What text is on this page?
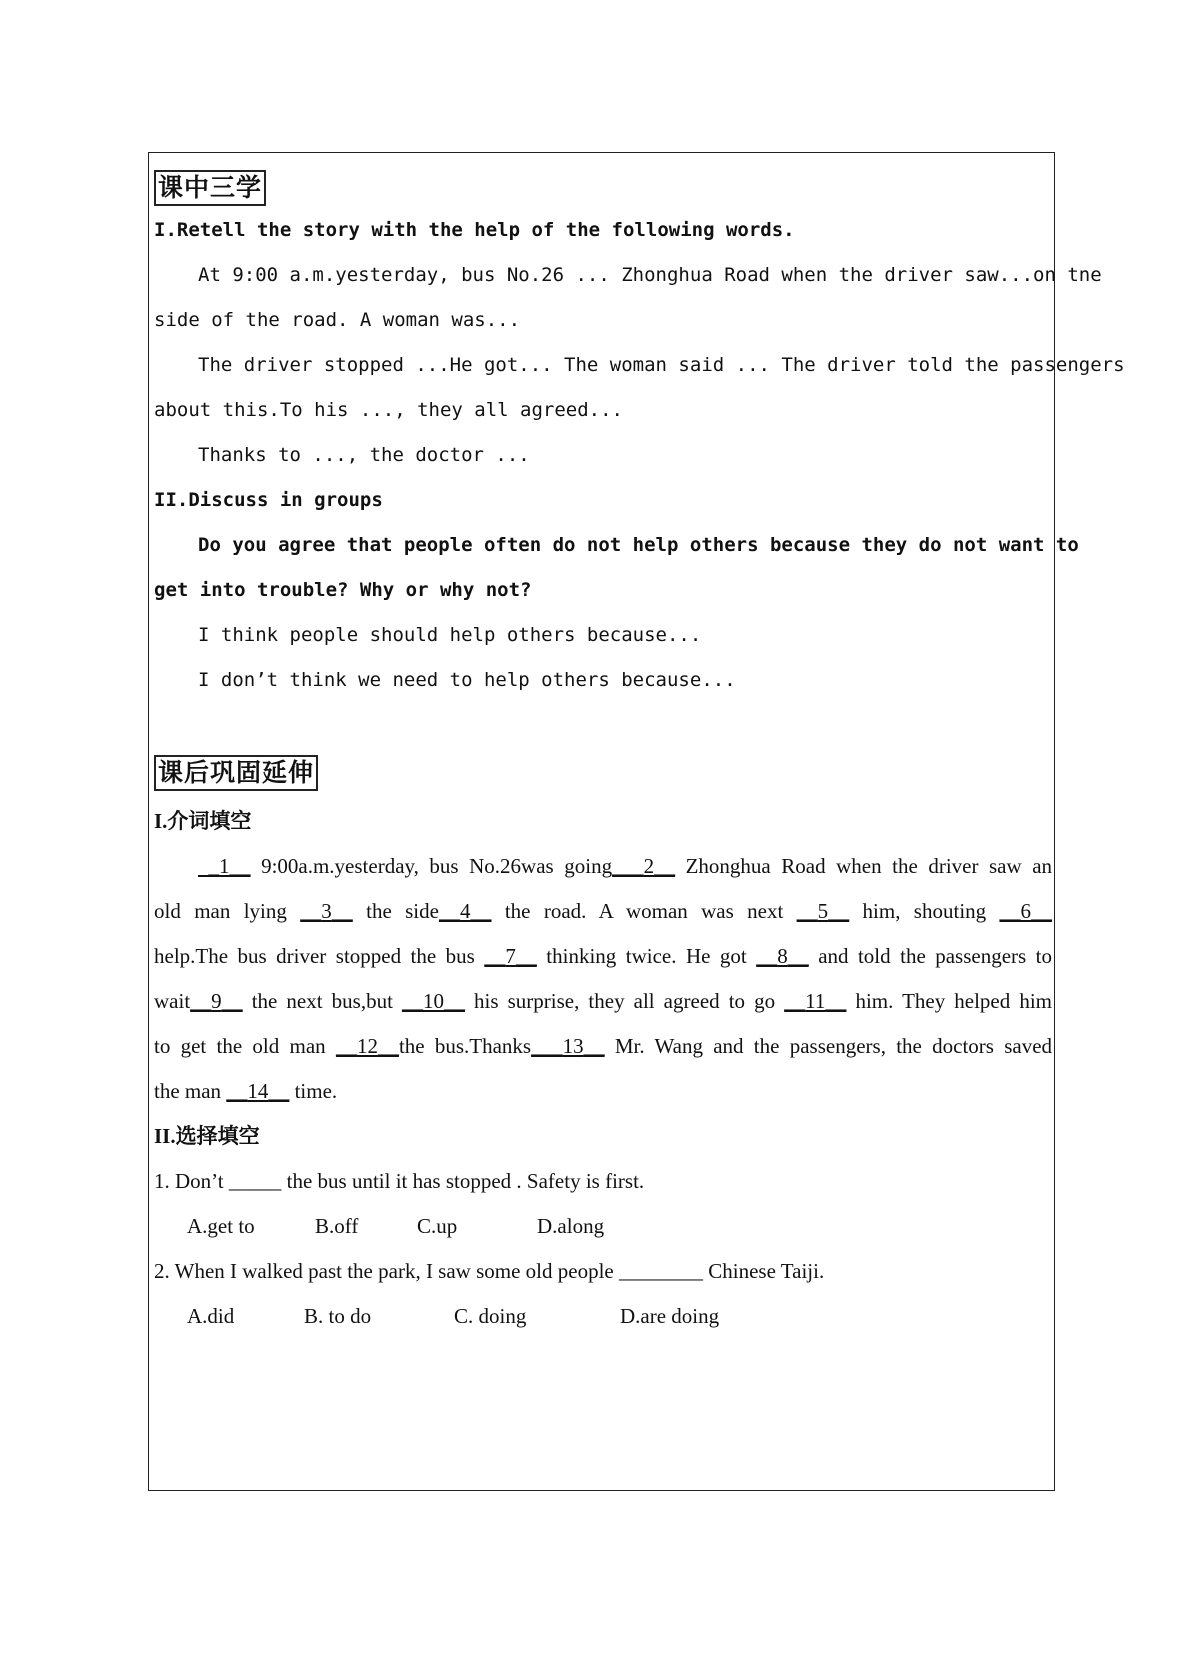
课中三学
I.Retell the story with the help of the following words.
At 9:00 a.m.yesterday, bus No.26 ... Zhonghua Road when the driver saw...on tne
side of the road. A woman was...
The driver stopped ...He got... The woman said ... The driver told the passengers
about this.To his ..., they all agreed...
Thanks to ..., the doctor ...
II.Discuss in groups
Do you agree that people often do not help others because they do not want to
get into trouble? Why or why not?
I think people should help others because...
I don’t think we need to help others because...
课后巩固延伸
I.介词填空
_1__ 9:00a.m.yesterday, bus No.26was going___2__ Zhonghua Road when the driver saw an
old man lying __3__ the side__4__ the road. A woman was next __5__ him, shouting __6__
help.The bus driver stopped the bus __7__ thinking twice. He got __8__ and told the passengers to
wait__9__ the next bus,but __10__ his surprise, they all agreed to go __11__ him. They helped him
to get the old man __12__the bus.Thanks___13__ Mr. Wang and the passengers, the doctors saved
the man __14__ time.
II.选择填空
1. Don’t _____ the bus until it has stopped . Safety is first.
A.get to	B.off	C.up	D.along
2. When I walked past the park, I saw some old people ________ Chinese Taiji.
A.did	B. to do	C. doing	D.are doing
